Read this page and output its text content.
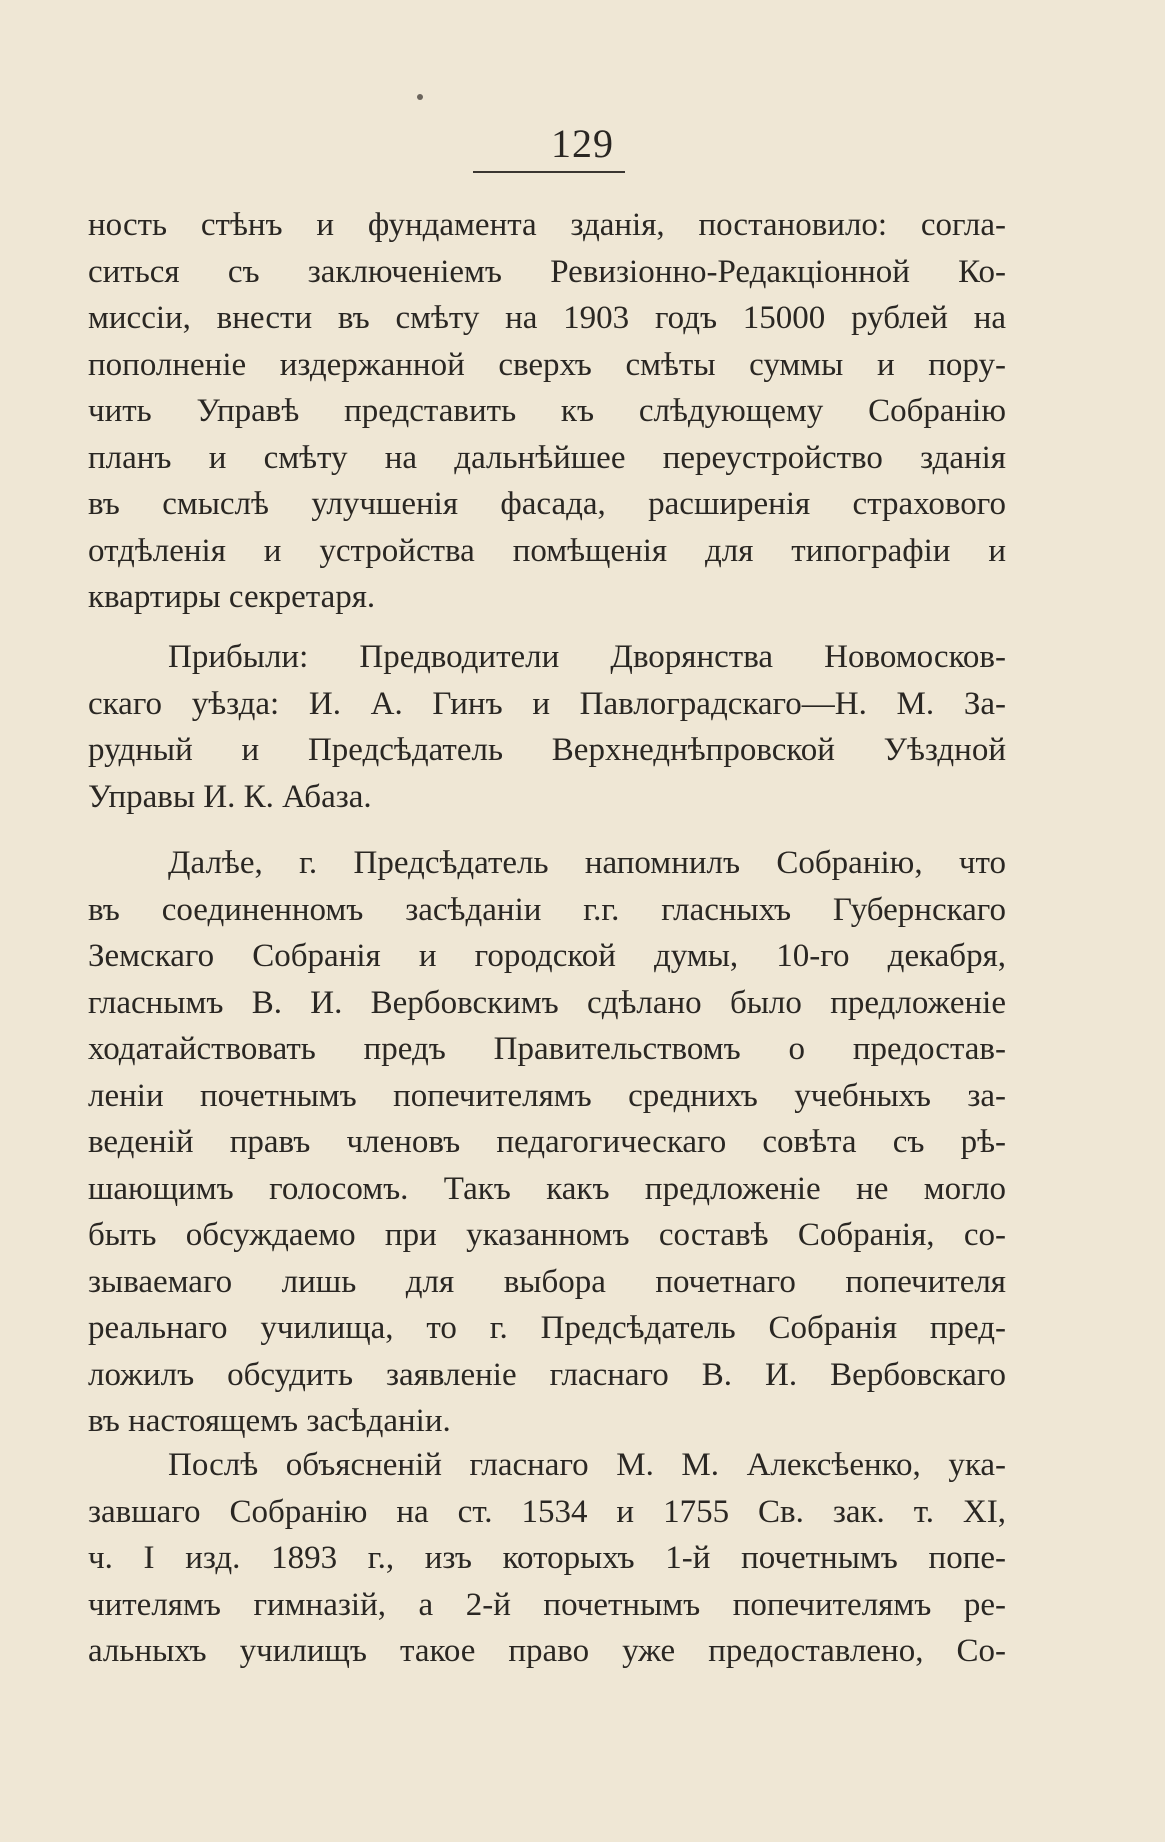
129
ность стѣнъ и фундамента зданія, постановило: согла-
ситься съ заключеніемъ Ревизіонно-Редакціонной Ко-
миссіи, внести въ смѣту на 1903 годъ 15000 рублей на
пополненіе издержанной сверхъ смѣты суммы и пору-
чить Управѣ представить къ слѣдующему Собранію
планъ и смѣту на дальнѣйшее переустройство зданія
въ смыслѣ улучшенія фасада, расширенія страхового
отдѣленія и устройства помѣщенія для типографіи и
квартиры секретаря.
Прибыли: Предводители Дворянства Новомосков-
скаго уѣзда: И. А. Гинъ и Павлоградскаго—Н. М. За-
рудный и Предсѣдатель Верхнеднѣпровской Уѣздной
Управы И. К. Абаза.
Далѣе, г. Предсѣдатель напомнилъ Собранію, что
въ соединенномъ засѣданіи г.г. гласныхъ Губернскаго
Земскаго Собранія и городской думы, 10-го декабря,
гласнымъ В. И. Вербовскимъ сдѣлано было предложеніе
ходатайствовать предъ Правительствомъ о предостав-
леніи почетнымъ попечителямъ среднихъ учебныхъ за-
веденій правъ членовъ педагогическаго совѣта съ рѣ-
шающимъ голосомъ. Такъ какъ предложеніе не могло
быть обсуждаемо при указанномъ составѣ Собранія, со-
зываемаго лишь для выбора почетнаго попечителя
реальнаго училища, то г. Предсѣдатель Собранія пред-
ложилъ обсудить заявленіе гласнаго В. И. Вербовскаго
въ настоящемъ засѣданіи.
Послѣ объясненій гласнаго М. М. Алексѣенко, ука-
завшаго Собранію на ст. 1534 и 1755 Св. зак. т. XI,
ч. I изд. 1893 г., изъ которыхъ 1-й почетнымъ попе-
чителямъ гимназій, а 2-й почетнымъ попечителямъ ре-
альныхъ училищъ такое право уже предоставлено, Со-
